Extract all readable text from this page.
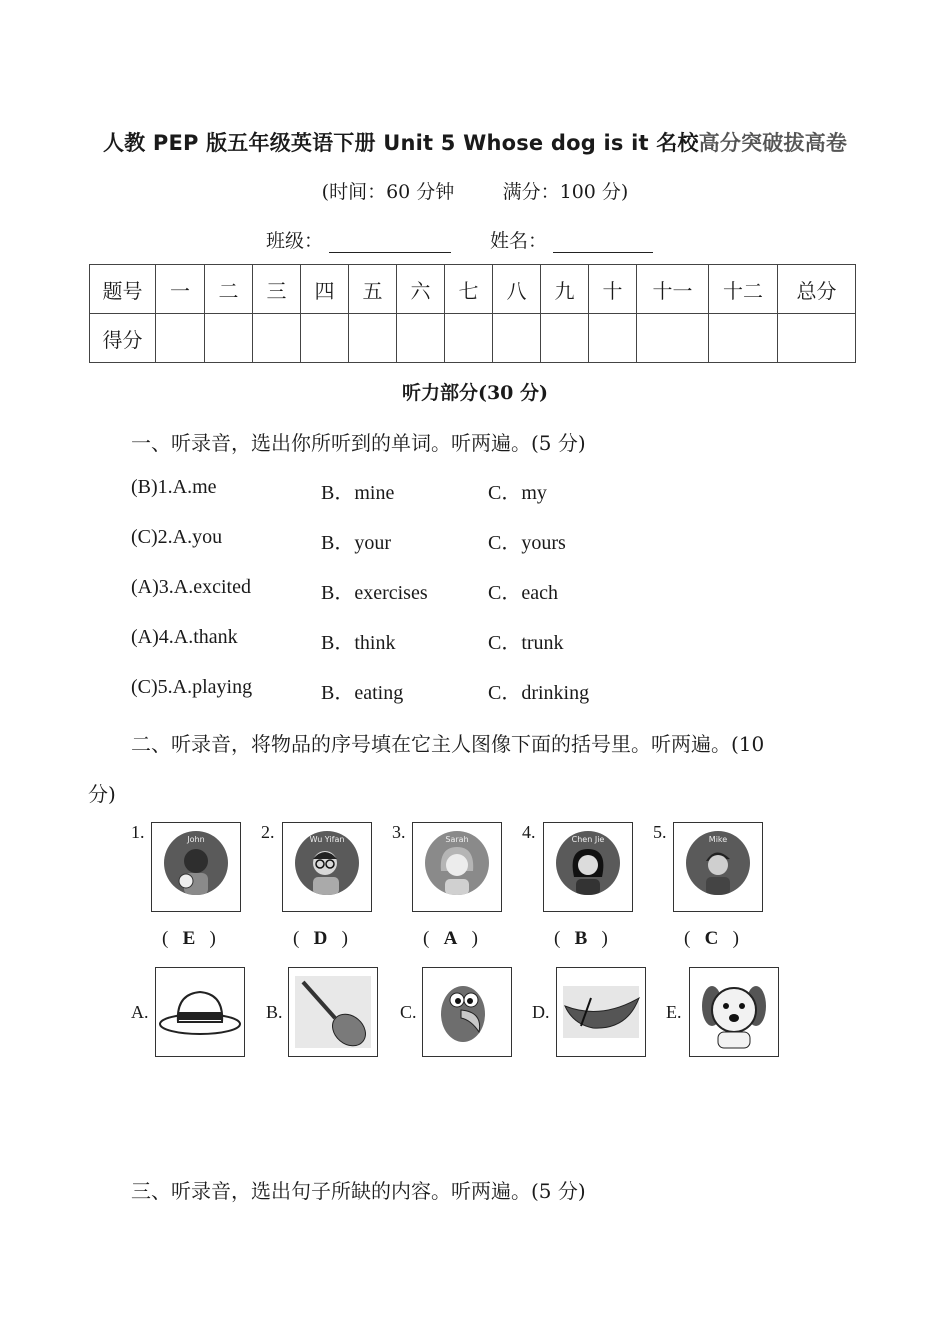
人教 PEP 版五年级英语下册 Unit 5 Whose dog is it 名校高分突破拔高卷
(时间：60 分钟        满分：100 分)
班级：	姓名：
题号	一	二	三	四	五	六	七	八	九	十	十一	十二	总分
得分													
听力部分(30 分)
一、听录音，选出你所听到的单词。听两遍。(5 分)
(B)1.A.me	B．mine	C．my
(C)2.A.you	B．your	C．yours
(A)3.A.excited	B．exercises	C．each
(A)4.A.thank	B．think	C．trunk
(C)5.A.playing	B．eating	C．drinking
二、听录音，将物品的序号填在它主人图像下面的括号里。听两遍。(10
分)
1.	John
(   E   )
2.	Wu Yifan
(   D   )
3.	Sarah
(   A   )
4.	Chen Jie
(   B   )
5.	Mike
(   C   )
A.	B.	C.	D.	E.
三、听录音，选出句子所缺的内容。听两遍。(5 分)
